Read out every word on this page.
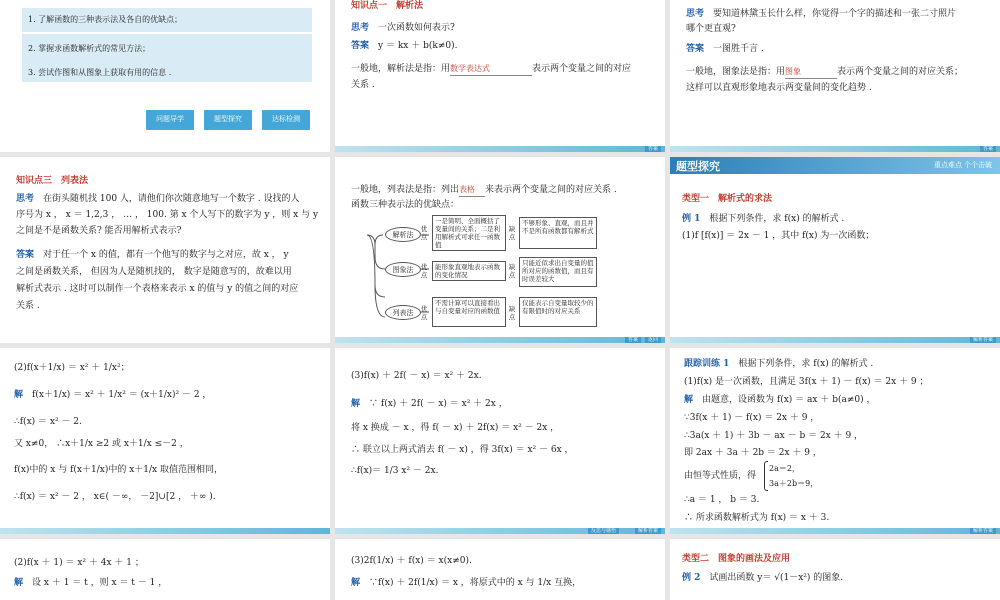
1. 了解函数的三种表示法及各自的优缺点；
2. 掌握求函数解析式的常见方法；
3. 尝试作图和从图象上获取有用的信息 .
问题导学	题型探究	达标检测
知识点一　解析法
思考　 一次函数如何表示?
答案　 y ＝ kx ＋ b(k≠0).
一般地，解析法是指：用数学表达式	表示两个变量之间的对应
关系 .
答案
思考　 要知道林黛玉长什么样，你觉得一个字的描述和一张二寸照片
哪个更直观?
答案　 一图胜千言 .
一般地，图象法是指：用图象	表示两个变量之间的对应关系；
这样可以直观形象地表示两变量间的变化趋势 .
答案
知识点三　列表法
思考　 在街头随机找 100 人，请他们你次随意地写一个数字 . 设找的人
序号为 x ， x ＝ 1,2,3 ， … ， 100. 第 x 个人写下的数字为 y ，则 x 与 y
之间是不是函数关系? 能否用解析式表示?
答案　 对于任一个 x 的值，都有一个他写的数字与之对应，故 x ， y
之间是函数关系， 但因为人是随机找的， 数字是随意写的，故难以用
解析式表示 . 这时可以制作一个表格来表示 x 的值与 y 的值之间的对应
关系 .
一般地，列表法是指：列出表格 来表示两个变量之间的对应关系 .
函数三种表示法的优缺点：
解析法
图象法
列表法
优点
一是简明、全面概括了变量间的关系；二是利用解析式可求任一函数值
缺点
不够形象、直观，而且并不是所有函数都有解析式
优点
能形象直观地表示函数的变化情况
缺点
只能近似求出自变量的值所对应的函数值，而且有时误差较大
优点
不需计算可以直接看出与自变量对应的函数值	缺点
仅能表示自变量取较少的有限值时的对应关系
答案	返回
题型探究	重点难点 个个击破
类型一　解析式的求法
例 1　 根据下列条件，求 f(x) 的解析式 .
(1)f [f(x)] ＝ 2x － 1 ，其中 f(x) 为一次函数；
解析答案
(2)f(x＋1/x) ＝ x² ＋ 1/x²；
解　 f(x＋1/x) ＝ x² ＋ 1/x² ＝ (x＋1/x)² － 2 ，
∴f(x) ＝ x² － 2.
又 x≠0， ∴x＋1/x ≥2 或 x＋1/x ≤－2 ，
f(x)中的 x 与 f(x＋1/x)中的 x＋1/x 取值范围相同，
∴f(x) ＝ x² － 2 ， x∈( －∞， －2]∪[2 ， ＋∞ ).
(3)f(x) ＋ 2f( － x) ＝ x² ＋ 2x.
解　 ∵ f(x) ＋ 2f( － x) ＝ x² ＋ 2x ，
将 x 换成 － x ，得 f( － x) ＋ 2f(x) ＝ x² － 2x ，
∴ 联立以上两式消去 f( － x) ，得 3f(x) ＝ x² － 6x ，
∴f(x)＝ 1/3 x² － 2x.
反思与感悟	解析答案
跟踪训练 1　 根据下列条件，求 f(x) 的解析式 .
(1)f(x) 是一次函数，且满足 3f(x ＋ 1) － f(x) ＝ 2x ＋ 9 ；
解　 由题意，设函数为 f(x) ＝ ax ＋ b(a≠0) ，
∵3f(x ＋ 1) － f(x) ＝ 2x ＋ 9 ，
∴3a(x ＋ 1) ＋ 3b － ax － b ＝ 2x ＋ 9 ，
即 2ax ＋ 3a ＋ 2b ＝ 2x ＋ 9 ，
由恒等式性质，得
2a＝2，
3a＋2b＝9，
∴a ＝ 1 ， b ＝ 3.
∴ 所求函数解析式为 f(x) ＝ x ＋ 3.
解析答案
(2)f(x ＋ 1) ＝ x² ＋ 4x ＋ 1 ；
解　 设 x ＋ 1 ＝ t ，则 x ＝ t － 1 ，
(3)2f(1/x) ＋ f(x) ＝ x(x≠0).
解　 ∵f(x) ＋ 2f(1/x) ＝ x ，将原式中的 x 与 1/x 互换，
类型二　图象的画法及应用
例 2　 试画出函数 y＝ √(1－x²) 的图象.
